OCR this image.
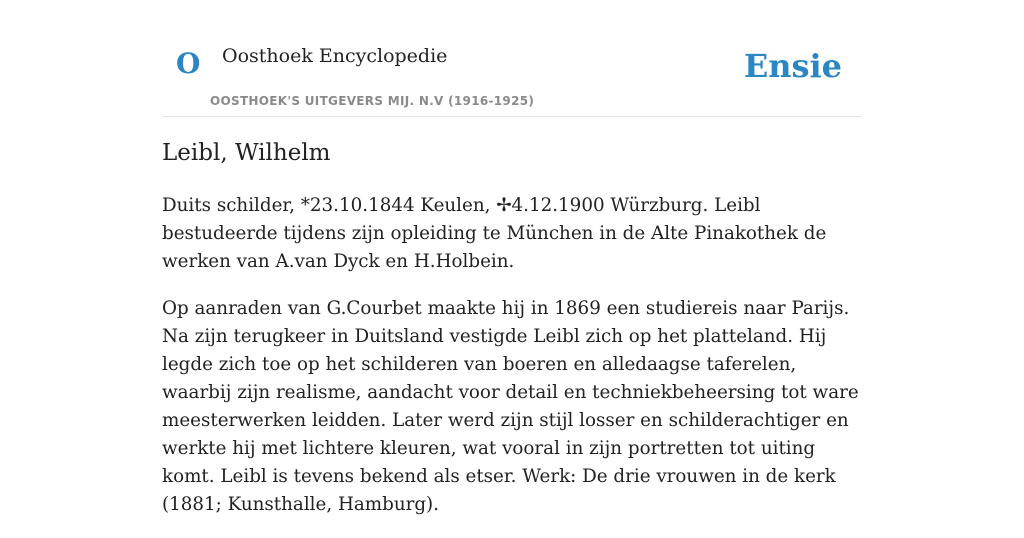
O Oosthoek Encyclopedie
OOSTHOEK'S UITGEVERS MIJ. N.V (1916-1925)
Ensie
Leibl, Wilhelm

Duits schilder, *23.10.1844 Keulen, ✢4.12.1900 Würzburg. Leibl bestudeerde tijdens zijn opleiding te München in de Alte Pinakothek de werken van A.van Dyck en H.Holbein.

Op aanraden van G.Courbet maakte hij in 1869 een studiereis naar Parijs. Na zijn terugkeer in Duitsland vestigde Leibl zich op het platteland. Hij legde zich toe op het schilderen van boeren en alledaagse taferelen, waarbij zijn realisme, aandacht voor detail en techniekbeheersing tot ware meesterwerken leidden. Later werd zijn stijl losser en schilderachtiger en werkte hij met lichtere kleuren, wat vooral in zijn portretten tot uiting komt. Leibl is tevens bekend als etser. Werk: De drie vrouwen in de kerk (1881; Kunsthalle, Hamburg).
